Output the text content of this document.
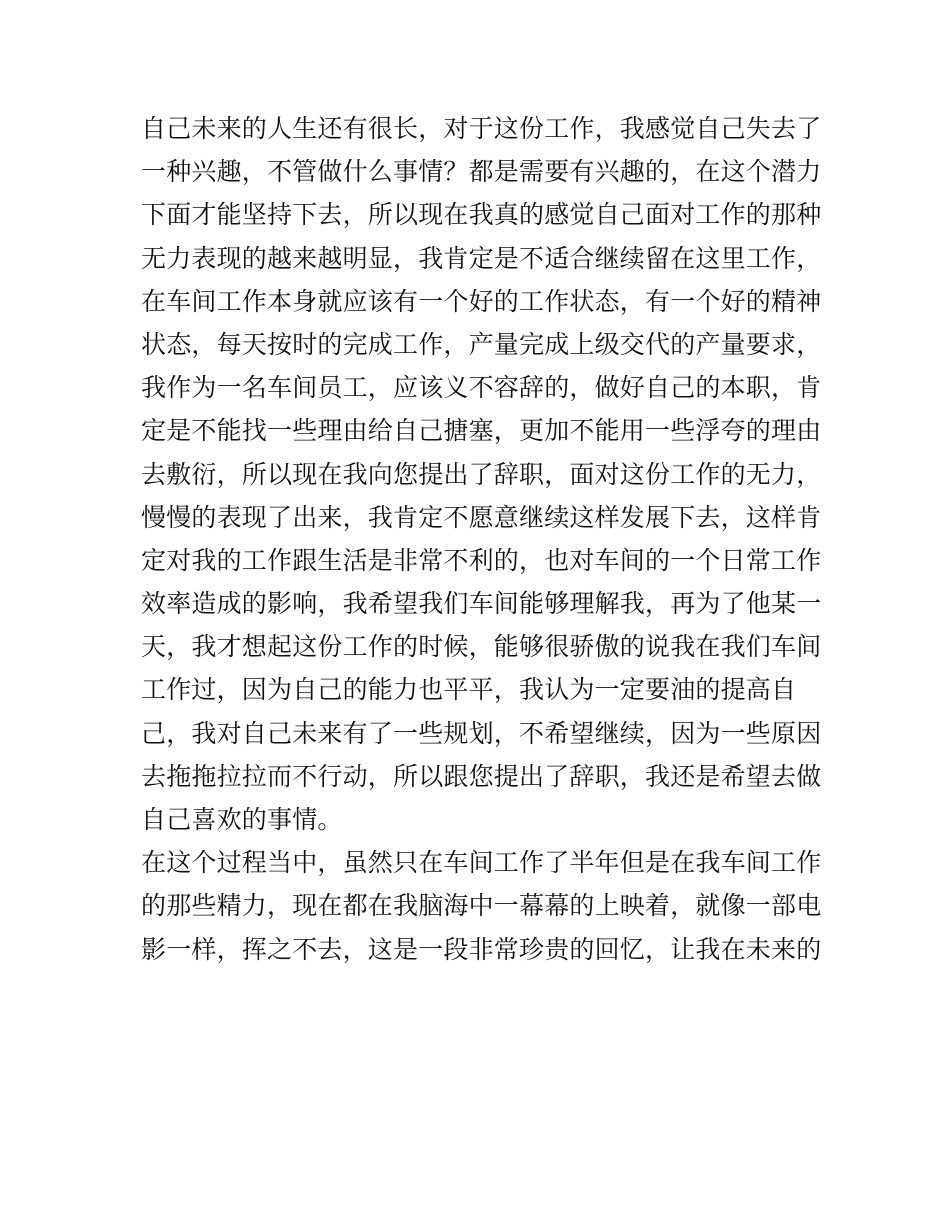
自己未来的人生还有很长，对于这份工作，我感觉自己失去了
一种兴趣，不管做什么事情？都是需要有兴趣的，在这个潜力
下面才能坚持下去，所以现在我真的感觉自己面对工作的那种
无力表现的越来越明显，我肯定是不适合继续留在这里工作，
在车间工作本身就应该有一个好的工作状态，有一个好的精神
状态，每天按时的完成工作，产量完成上级交代的产量要求，
我作为一名车间员工，应该义不容辞的，做好自己的本职，肯
定是不能找一些理由给自己搪塞，更加不能用一些浮夸的理由
去敷衍，所以现在我向您提出了辞职，面对这份工作的无力，
慢慢的表现了出来，我肯定不愿意继续这样发展下去，这样肯
定对我的工作跟生活是非常不利的，也对车间的一个日常工作
效率造成的影响，我希望我们车间能够理解我，再为了他某一
天，我才想起这份工作的时候，能够很骄傲的说我在我们车间
工作过，因为自己的能力也平平，我认为一定要油的提高自
己，我对自己未来有了一些规划，不希望继续，因为一些原因
去拖拖拉拉而不行动，所以跟您提出了辞职，我还是希望去做
自己喜欢的事情。
在这个过程当中，虽然只在车间工作了半年但是在我车间工作
的那些精力，现在都在我脑海中一幕幕的上映着，就像一部电
影一样，挥之不去，这是一段非常珍贵的回忆，让我在未来的
